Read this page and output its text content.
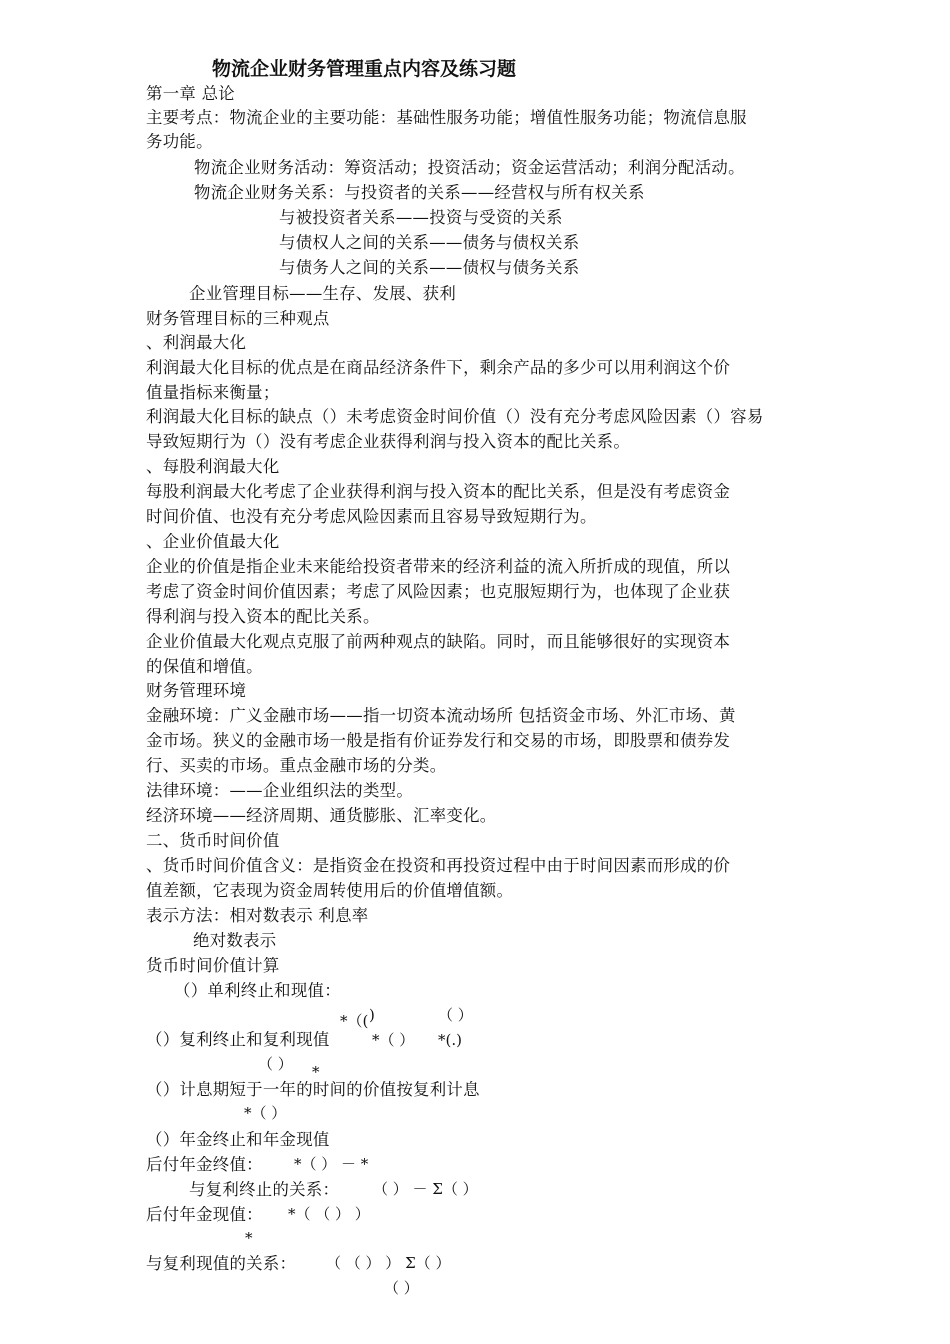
物流企业财务管理重点内容及练习题
第一章 总论
主要考点：物流企业的主要功能：基础性服务功能；增值性服务功能；物流信息服
务功能。
物流企业财务活动：筹资活动；投资活动；资金运营活动；利润分配活动。
物流企业财务关系：与投资者的关系——经营权与所有权关系
与被投资者关系——投资与受资的关系
与债权人之间的关系——债务与债权关系
与债务人之间的关系——债权与债务关系
企业管理目标——生存、发展、获利
财务管理目标的三种观点
、利润最大化
利润最大化目标的优点是在商品经济条件下，剩余产品的多少可以用利润这个价
值量指标来衡量；
利润最大化目标的缺点（）未考虑资金时间价值（）没有充分考虑风险因素（）容易
导致短期行为（）没有考虑企业获得利润与投入资本的配比关系。
、每股利润最大化
每股利润最大化考虑了企业获得利润与投入资本的配比关系，但是没有考虑资金
时间价值、也没有充分考虑风险因素而且容易导致短期行为。
、企业价值最大化
企业的价值是指企业未来能给投资者带来的经济利益的流入所折成的现值，所以
考虑了资金时间价值因素；考虑了风险因素；也克服短期行为，也体现了企业获
得利润与投入资本的配比关系。
企业价值最大化观点克服了前两种观点的缺陷。同时，而且能够很好的实现资本
的保值和增值。
财务管理环境
金融环境：广义金融市场——指一切资本流动场所 包括资金市场、外汇市场、黄
金市场。狭义的金融市场一般是指有价证券发行和交易的市场，即股票和债券发
行、买卖的市场。重点金融市场的分类。
法律环境：——企业组织法的类型。
经济环境——经济周期、通货膨胀、汇率变化。
二、货币时间价值
、货币时间价值含义：是指资金在投资和再投资过程中由于时间因素而形成的价
值差额，它表现为资金周转使用后的价值增值额。
表示方法：相对数表示 利息率
绝对数表示
货币时间价值计算
（）单利终止和现值：
*（( )	（ ）
（）复利终止和复利现值	*（ ） *(.)
（ ） *
（）计息期短于一年的时间的价值按复利计息
*（ ）
（）年金终止和年金现值
后付年金终值： *（ ） － *
与复利终止的关系： （ ） － Σ（ ）
后付年金现值： *（ （ ） ）
*
与复利现值的关系： （ （ ） ） Σ（ ）
（ ）
